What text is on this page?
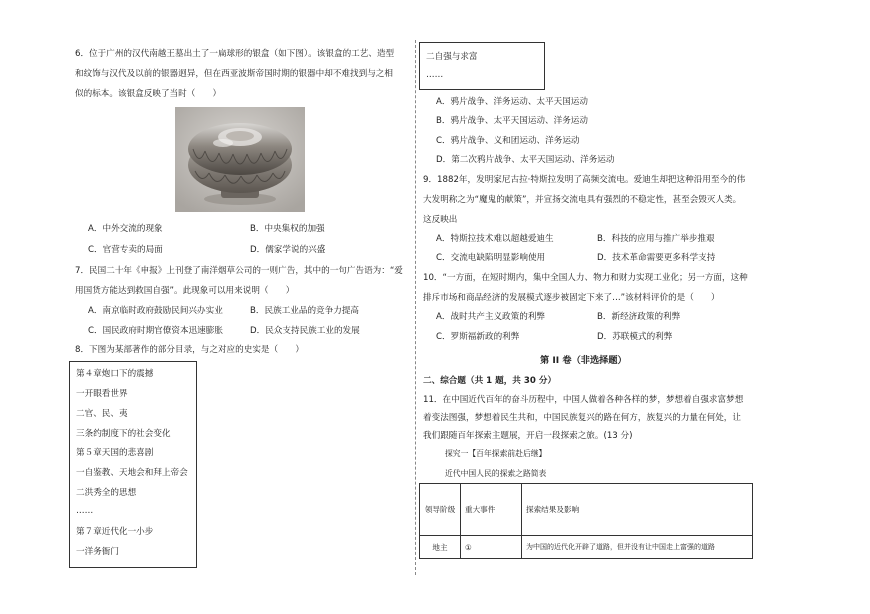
6．位于广州的汉代南越王墓出土了一扁球形的银盒（如下图）。该银盒的工艺、造型
和纹饰与汉代及以前的银器迥异，但在西亚波斯帝国时期的银器中却不难找到与之相
似的标本。该银盒反映了当时（　　）
A．中外交流的现象	B．中央集权的加强
C．官营专卖的局面	D．儒家学说的兴盛
7．民国二十年《申报》上刊登了南洋烟草公司的一则广告，其中的一句广告语为：“爱
用国货方能达到救国自强”。此现象可以用来说明（　　）
A．南京临时政府鼓励民间兴办实业	B．民族工业品的竞争力提高
C．国民政府时期官僚资本迅速膨胀	D．民众支持民族工业的发展
8．下图为某部著作的部分目录，与之对应的史实是（　　）
第４章炮口下的震撼
一开眼看世界
二官、民、夷
三条约制度下的社会变化
第５章天国的悲喜剧
一自鉴教、天地会和拜上帝会
二洪秀全的思想
……
第７章近代化一小步
一洋务衙门
二自强与求富
……
A．鸦片战争、洋务运动、太平天国运动
B．鸦片战争、太平天国运动、洋务运动
C．鸦片战争、义和团运动、洋务运动
D．第二次鸦片战争、太平天国运动、洋务运动
9．1882年，发明家尼古拉·特斯拉发明了高频交流电。爱迪生却把这种沿用至今的伟
大发明称之为“魔鬼的献策”，并宣扬交流电具有强烈的不稳定性，甚至会毁灭人类。
这反映出
A．特斯拉技术难以超越爱迪生	B．科技的应用与推广举步推艰
C．交流电缺陷明显影响使用	D．技术革命需要更多科学支持
10．“一方面，在短时期内，集中全国人力、物力和财力实现工业化；另一方面，这种
排斥市场和商品经济的发展模式逐步被固定下来了…”该材料评价的是（　　）
A．战时共产主义政策的利弊	B．新经济政策的利弊
C．罗斯福新政的利弊	D．苏联模式的利弊
第 II 卷（非选择题）
二、综合题（共 1 题，共 30 分）
11．在中国近代百年的奋斗历程中，中国人做着各种各样的梦，梦想着自强求富梦想
着变法图强，梦想着民生共和，中国民族复兴的路在何方，族复兴的力量在何处，让
我们跟随百年探索主题展，开启一段探索之旅。(13 分)
探究一【百年探索前赴后继】
近代中国人民的探索之路简表
领导阶级	重大事件	探索结果及影响
地主	①	为中国的近代化开辟了道路，但并没有让中国走上富强的道路
